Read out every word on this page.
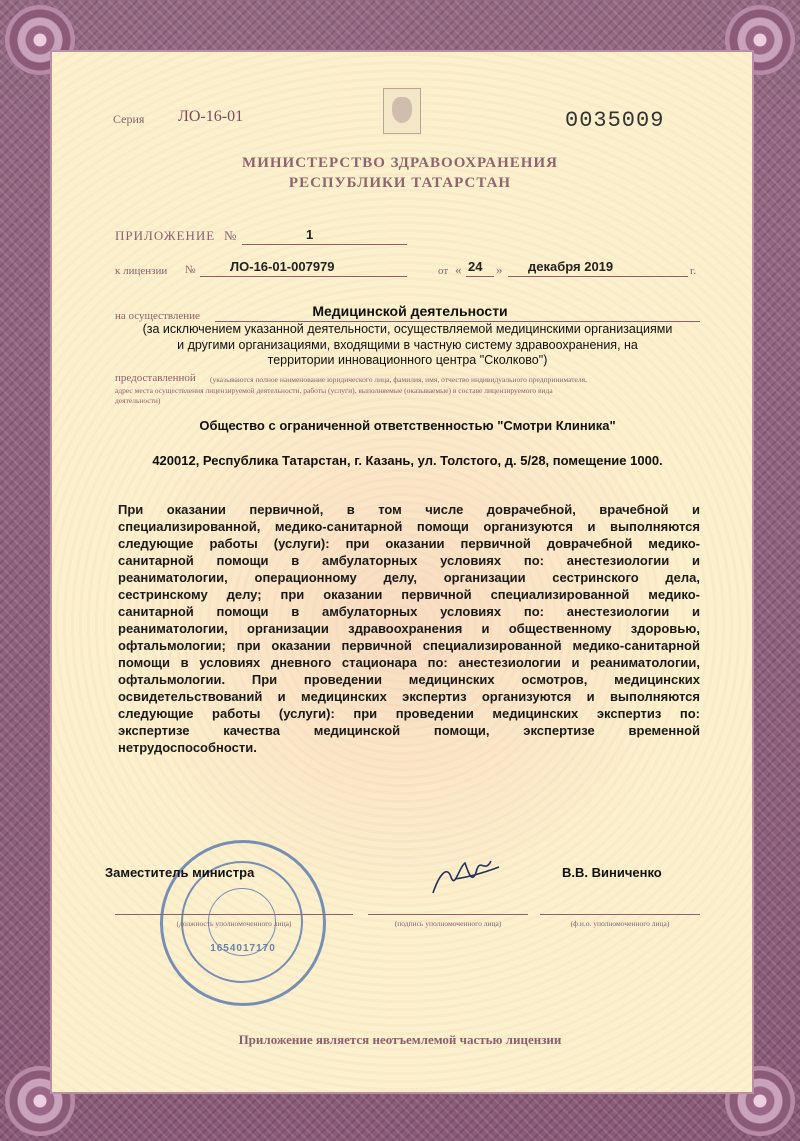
Серия ЛО-16-01	0035009
МИНИСТЕРСТВО ЗДРАВООХРАНЕНИЯ
РЕСПУБЛИКИ ТАТАРСТАН
ПРИЛОЖЕНИЕ №	1
к лицензии №	ЛО-16-01-007979	от « 24 » декабря 2019	г.
на осуществление	Медицинской деятельности
(за исключением указанной деятельности, осуществляемой медицинскими организациями
и другими организациями, входящими в частную систему здравоохранения, на
территории инновационного центра "Сколково")
предоставленной (указываются полное наименование юридического лица, фамилия, имя, отчество индивидуального предпринимателя,
адрес места осуществления лицензируемой деятельности, работы (услуги), выполняемые (оказываемые) в составе лицензируемого вида
деятельности)
Общество с ограниченной ответственностью "Смотри Клиника"
420012, Республика Татарстан, г. Казань, ул. Толстого, д. 5/28, помещение 1000.
При оказании первичной, в том числе доврачебной, врачебной и
специализированной, медико-санитарной помощи организуются и выполняются
следующие работы (услуги): при оказании первичной доврачебной медико-
санитарной помощи в амбулаторных условиях по: анестезиологии и
реаниматологии, операционному делу, организации сестринского дела,
сестринскому делу; при оказании первичной специализированной медико-
санитарной помощи в амбулаторных условиях по: анестезиологии и
реаниматологии, организации здравоохранения и общественному здоровью,
офтальмологии; при оказании первичной специализированной медико-санитарной
помощи в условиях дневного стационара по: анестезиологии и реаниматологии,
офтальмологии. При проведении медицинских осмотров, медицинских
освидетельствований и медицинских экспертиз организуются и выполняются
следующие работы (услуги): при проведении медицинских экспертиз по:
экспертизе качества медицинской помощи, экспертизе временной
нетрудоспособности.
1654017170
Заместитель министра	В.В. Виниченко
(должность уполномоченного лица)	(подпись уполномоченного лица)	(ф.и.о. уполномоченного лица)
Приложение является неотъемлемой частью лицензии
